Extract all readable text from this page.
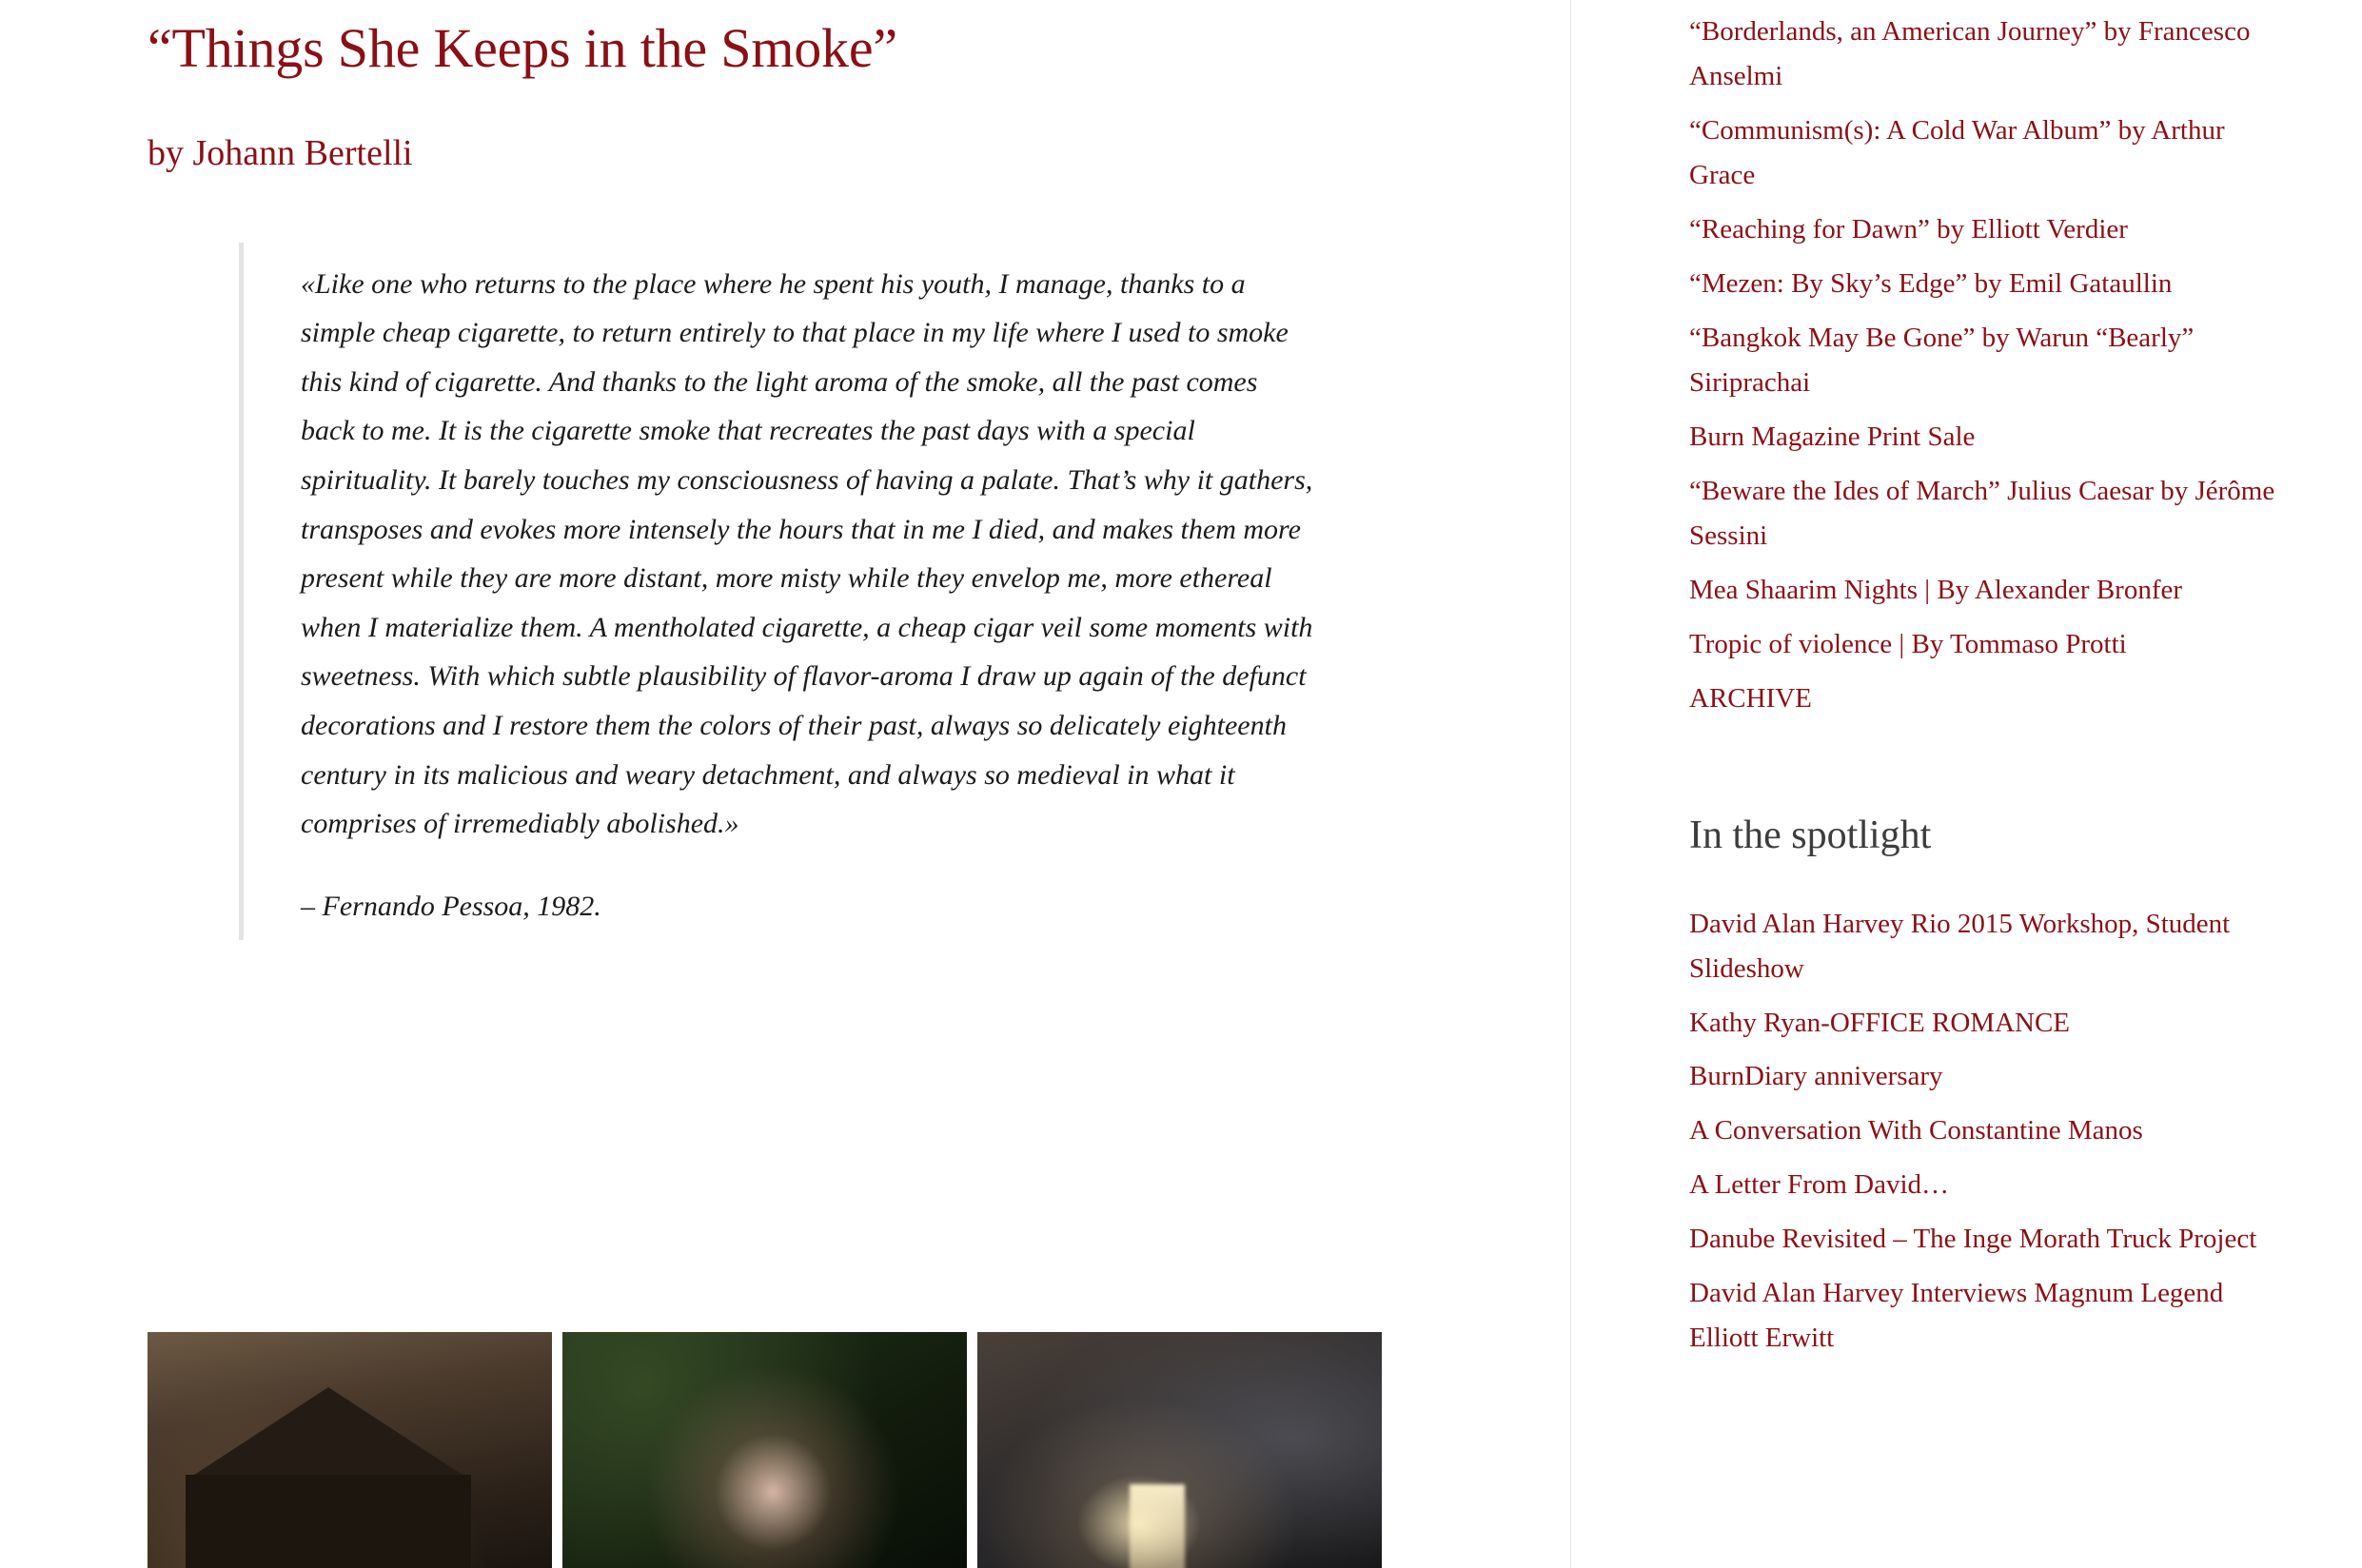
“Things She Keeps in the Smoke”
by Johann Bertelli

«Like one who returns to the place where he spent his youth, I manage, thanks to a simple cheap cigarette, to return entirely to that place in my life where I used to smoke this kind of cigarette. And thanks to the light aroma of the smoke, all the past comes back to me. It is the cigarette smoke that recreates the past days with a special spirituality. It barely touches my consciousness of having a palate. That’s why it gathers, transposes and evokes more intensely the hours that in me I died, and makes them more present while they are more distant, more misty while they envelop me, more ethereal when I materialize them. A mentholated cigarette, a cheap cigar veil some moments with sweetness. With which subtle plausibility of flavor-aroma I draw up again of the defunct decorations and I restore them the colors of their past, always so delicately eighteenth century in its malicious and weary detachment, and always so medieval in what it comprises of irremediably abolished.»

– Fernando Pessoa, 1982.
“Borderlands, an American Journey” by Francesco Anselmi
“Communism(s): A Cold War Album” by Arthur Grace
“Reaching for Dawn” by Elliott Verdier
“Mezen: By Sky’s Edge” by Emil Gataullin
“Bangkok May Be Gone” by Warun “Bearly” Siriprachai
Burn Magazine Print Sale
“Beware the Ides of March” Julius Caesar by Jérôme Sessini
Mea Shaarim Nights | By Alexander Bronfer
Tropic of violence | By Tommaso Protti
ARCHIVE
In the spotlight
David Alan Harvey Rio 2015 Workshop, Student Slideshow
Kathy Ryan-OFFICE ROMANCE
BurnDiary anniversary
A Conversation With Constantine Manos
A Letter From David…
Danube Revisited – The Inge Morath Truck Project
David Alan Harvey Interviews Magnum Legend Elliott Erwitt
